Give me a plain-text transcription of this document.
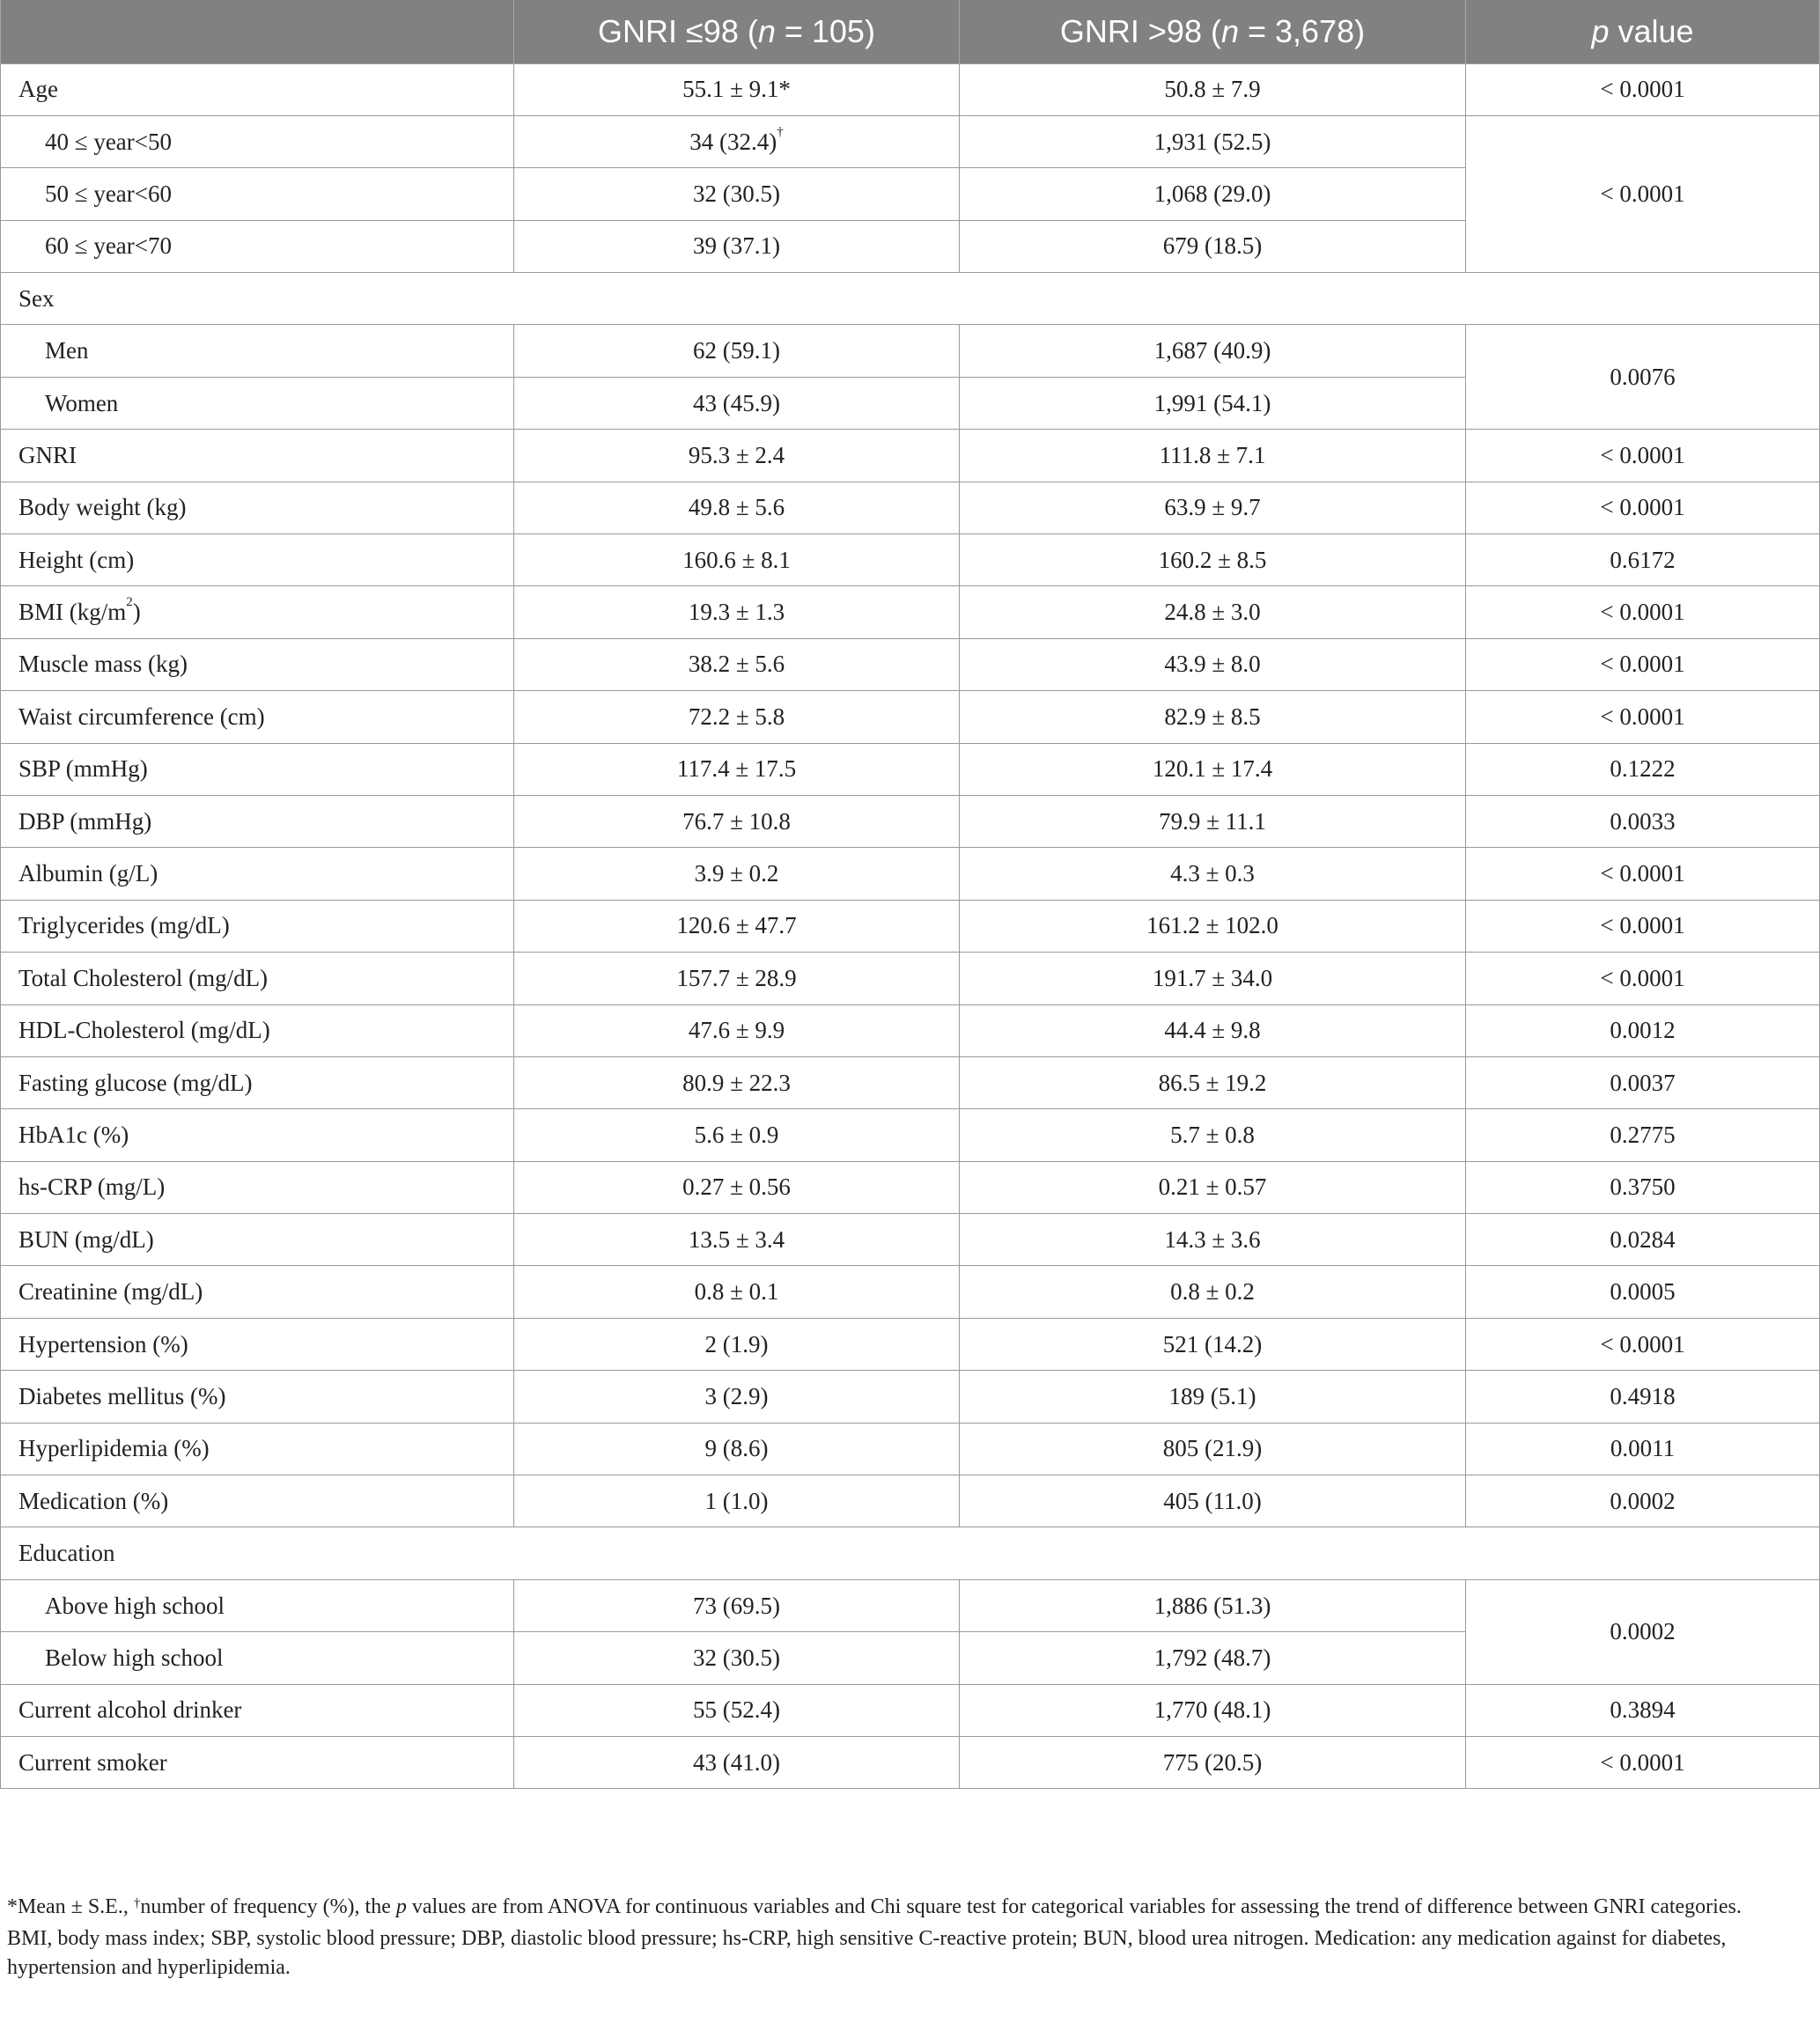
	GNRI ≤98 (n = 105)	GNRI >98 (n = 3,678)	p value
Age	55.1 ± 9.1*	50.8 ± 7.9	< 0.0001
40 ≤ year<50	34 (32.4)†	1,931 (52.5)	< 0.0001
50 ≤ year<60	32 (30.5)	1,068 (29.0)	
60 ≤ year<70	39 (37.1)	679 (18.5)	
Sex			
Men	62 (59.1)	1,687 (40.9)	0.0076
Women	43 (45.9)	1,991 (54.1)	
GNRI	95.3 ± 2.4	111.8 ± 7.1	< 0.0001
Body weight (kg)	49.8 ± 5.6	63.9 ± 9.7	< 0.0001
Height (cm)	160.6 ± 8.1	160.2 ± 8.5	0.6172
BMI $(kg/m^2)$	19.3 ± 1.3	24.8 ± 3.0	< 0.0001
Muscle mass (kg)	38.2 ± 5.6	43.9 ± 8.0	< 0.0001
Waist circumference (cm)	72.2 ± 5.8	82.9 ± 8.5	< 0.0001
SBP (mmHg)	117.4 ± 17.5	120.1 ± 17.4	0.1222
DBP (mmHg)	76.7 ± 10.8	79.9 ± 11.1	0.0033
Albumin (g/L)	3.9 ± 0.2	4.3 ± 0.3	< 0.0001
Triglycerides (mg/dL)	120.6 ± 47.7	161.2 ± 102.0	< 0.0001
Total Cholesterol (mg/dL)	157.7 ± 28.9	191.7 ± 34.0	< 0.0001
HDL-Cholesterol (mg/dL)	47.6 ± 9.9	44.4 ± 9.8	0.0012
Fasting glucose (mg/dL)	80.9 ± 22.3	86.5 ± 19.2	0.0037
HbA1c (%)	5.6 ± 0.9	5.7 ± 0.8	0.2775
hs-CRP (mg/L)	0.27 ± 0.56	0.21 ± 0.57	0.3750
BUN (mg/dL)	13.5 ± 3.4	14.3 ± 3.6	0.0284
Creatinine (mg/dL)	0.8 ± 0.1	0.8 ± 0.2	0.0005
Hypertension (%)	2 (1.9)	521 (14.2)	< 0.0001
Diabetes mellitus (%)	3 (2.9)	189 (5.1)	0.4918
Hyperlipidemia (%)	9 (8.6)	805 (21.9)	0.0011
Medication (%)	1 (1.0)	405 (11.0)	0.0002
Education			
Above high school	73 (69.5)	1,886 (51.3)	0.0002
Below high school	32 (30.5)	1,792 (48.7)	
Current alcohol drinker	55 (52.4)	1,770 (48.1)	0.3894
Current smoker	43 (41.0)	775 (20.5)	< 0.0001

*Mean ± S.E., †number of frequency (%), the p values are from ANOVA for continuous variables and Chi square test for categorical variables for assessing the trend of difference between GNRI categories.

BMI, body mass index; SBP, systolic blood pressure; DBP, diastolic blood pressure; hs-CRP, high sensitive C-reactive protein; BUN, blood urea nitrogen. Medication: any medication against for diabetes, hypertension and hyperlipidemia.
